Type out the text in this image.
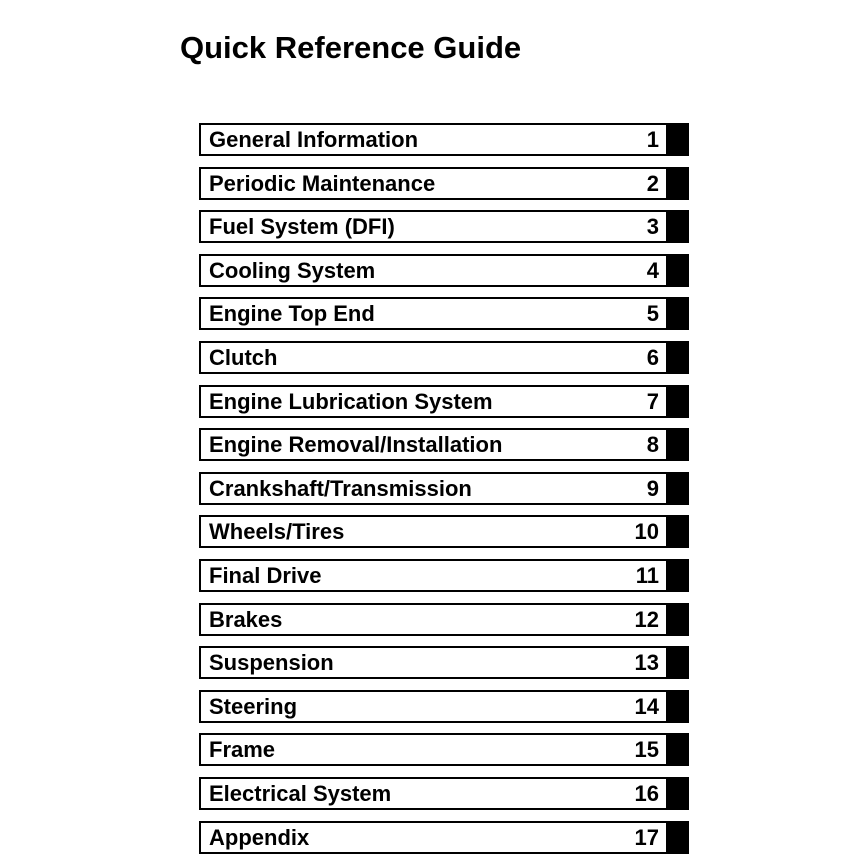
Quick Reference Guide
General Information	1
Periodic Maintenance	2
Fuel System (DFI)	3
Cooling System	4
Engine Top End	5
Clutch	6
Engine Lubrication System	7
Engine Removal/Installation	8
Crankshaft/Transmission	9
Wheels/Tires	10
Final Drive	11
Brakes	12
Suspension	13
Steering	14
Frame	15
Electrical System	16
Appendix	17
